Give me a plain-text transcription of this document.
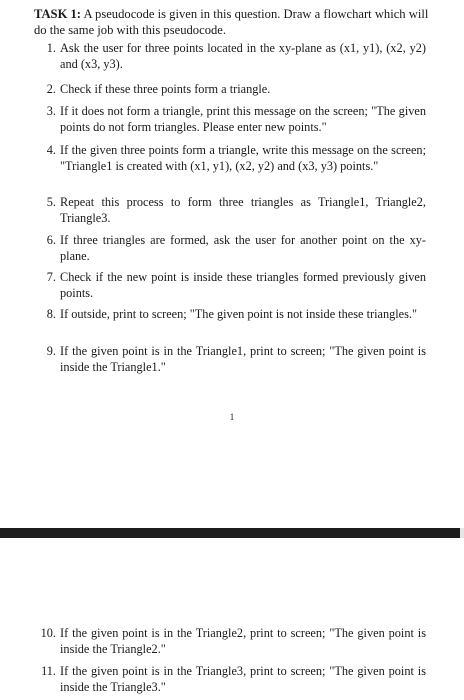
TASK 1: A pseudocode is given in this question. Draw a flowchart which will do the same job with this pseudocode.
1. Ask the user for three points located in the xy-plane as (x1, y1), (x2, y2) and (x3, y3).
2. Check if these three points form a triangle.
3. If it does not form a triangle, print this message on the screen; "The given points do not form triangles. Please enter new points."
4. If the given three points form a triangle, write this message on the screen; "Triangle1 is created with (x1, y1), (x2, y2) and (x3, y3) points."
5. Repeat this process to form three triangles as Triangle1, Triangle2, Triangle3.
6. If three triangles are formed, ask the user for another point on the xy-plane.
7. Check if the new point is inside these triangles formed previously given points.
8. If outside, print to screen; "The given point is not inside these triangles."
9. If the given point is in the Triangle1, print to screen; "The given point is inside the Triangle1."
1
10. If the given point is in the Triangle2, print to screen; "The given point is inside the Triangle2."
11. If the given point is in the Triangle3, print to screen; "The given point is inside the Triangle3."
